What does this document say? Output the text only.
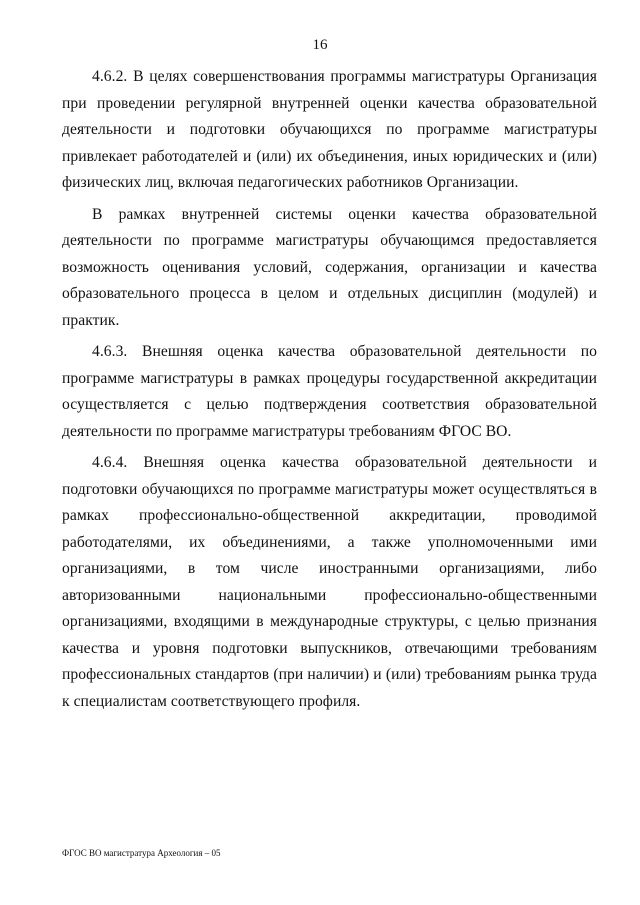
16

4.6.2. В целях совершенствования программы магистратуры Организация при проведении регулярной внутренней оценки качества образовательной деятельности и подготовки обучающихся по программе магистратуры привлекает работодателей и (или) их объединения, иных юридических и (или) физических лиц, включая педагогических работников Организации.

В рамках внутренней системы оценки качества образовательной деятельности по программе магистратуры обучающимся предоставляется возможность оценивания условий, содержания, организации и качества образовательного процесса в целом и отдельных дисциплин (модулей) и практик.

4.6.3. Внешняя оценка качества образовательной деятельности по программе магистратуры в рамках процедуры государственной аккредитации осуществляется с целью подтверждения соответствия образовательной деятельности по программе магистратуры требованиям ФГОС ВО.

4.6.4. Внешняя оценка качества образовательной деятельности и подготовки обучающихся по программе магистратуры может осуществляться в рамках профессионально-общественной аккредитации, проводимой работодателями, их объединениями, а также уполномоченными ими организациями, в том числе иностранными организациями, либо авторизованными национальными профессионально-общественными организациями, входящими в международные структуры, с целью признания качества и уровня подготовки выпускников, отвечающими требованиям профессиональных стандартов (при наличии) и (или) требованиям рынка труда к специалистам соответствующего профиля.

ФГОС ВО магистратура Археология – 05
